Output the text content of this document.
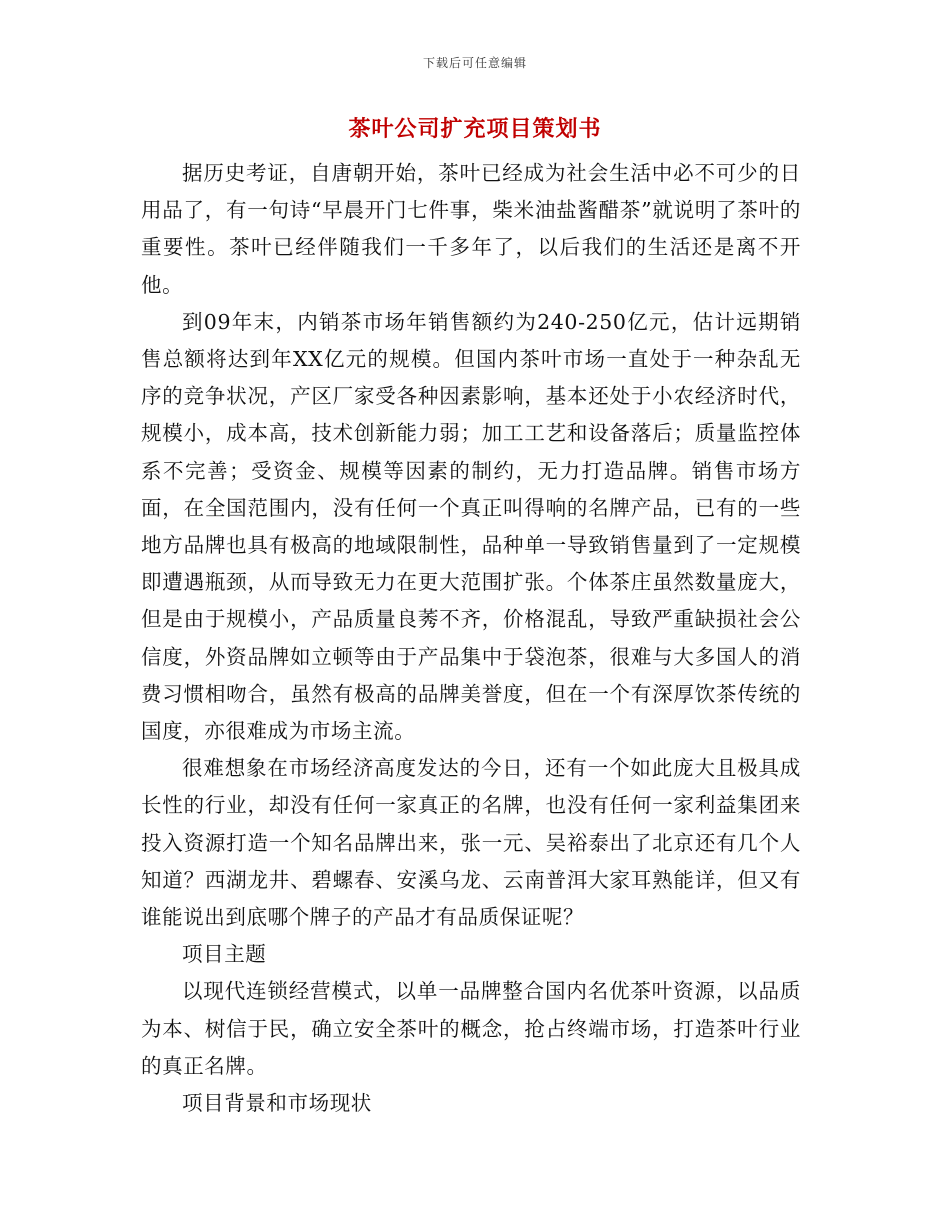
下载后可任意编辑
茶叶公司扩充项目策划书

据历史考证，自唐朝开始，茶叶已经成为社会生活中必不可少的日用品了，有一句诗“早晨开门七件事，柴米油盐酱醋茶”就说明了茶叶的重要性。茶叶已经伴随我们一千多年了，以后我们的生活还是离不开他。

到09年末，内销茶市场年销售额约为240-250亿元，估计远期销售总额将达到年XX亿元的规模。但国内茶叶市场一直处于一种杂乱无序的竞争状况，产区厂家受各种因素影响，基本还处于小农经济时代，规模小，成本高，技术创新能力弱；加工工艺和设备落后；质量监控体系不完善；受资金、规模等因素的制约，无力打造品牌。销售市场方面，在全国范围内，没有任何一个真正叫得响的名牌产品，已有的一些地方品牌也具有极高的地域限制性，品种单一导致销售量到了一定规模即遭遇瓶颈，从而导致无力在更大范围扩张。个体茶庄虽然数量庞大，但是由于规模小，产品质量良莠不齐，价格混乱，导致严重缺损社会公信度，外资品牌如立顿等由于产品集中于袋泡茶，很难与大多国人的消费习惯相吻合，虽然有极高的品牌美誉度，但在一个有深厚饮茶传统的国度，亦很难成为市场主流。

很难想象在市场经济高度发达的今日，还有一个如此庞大且极具成长性的行业，却没有任何一家真正的名牌，也没有任何一家利益集团来投入资源打造一个知名品牌出来，张一元、吴裕泰出了北京还有几个人知道？西湖龙井、碧螺春、安溪乌龙、云南普洱大家耳熟能详，但又有谁能说出到底哪个牌子的产品才有品质保证呢？

项目主题

以现代连锁经营模式，以单一品牌整合国内名优茶叶资源，以品质为本、树信于民，确立安全茶叶的概念，抢占终端市场，打造茶叶行业的真正名牌。

项目背景和市场现状
